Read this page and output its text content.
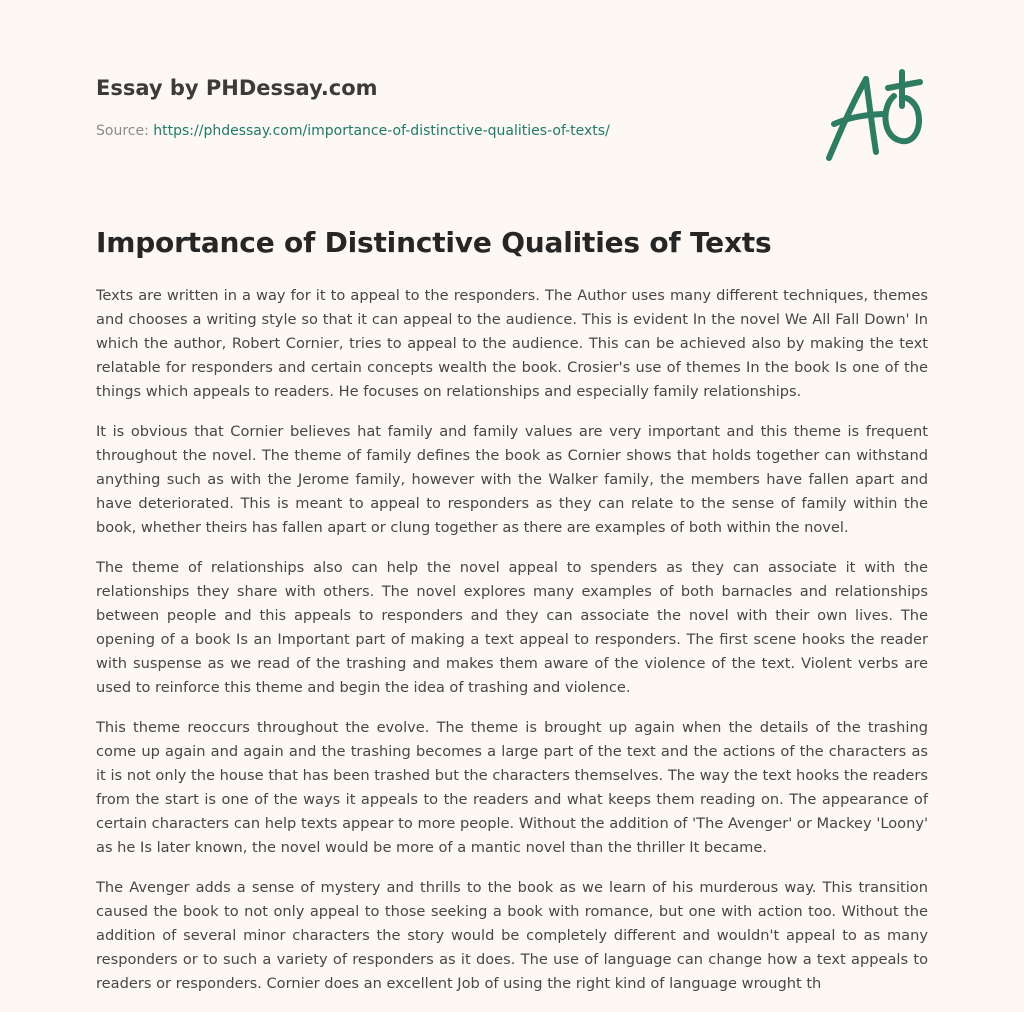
Essay by PHDessay.com
Source: https://phdessay.com/importance-of-distinctive-qualities-of-texts/
Importance of Distinctive Qualities of Texts

Texts are written in a way for it to appeal to the responders. The Author uses many different techniques, themes and chooses a writing style so that it can appeal to the audience. This is evident In the novel We All Fall Down' In which the author, Robert Cornier, tries to appeal to the audience. This can be achieved also by making the text relatable for responders and certain concepts wealth the book. Crosier's use of themes In the book Is one of the things which appeals to readers. He focuses on relationships and especially family relationships.

It is obvious that Cornier believes hat family and family values are very important and this theme is frequent throughout the novel. The theme of family defines the book as Cornier shows that holds together can withstand anything such as with the Jerome family, however with the Walker family, the members have fallen apart and have deteriorated. This is meant to appeal to responders as they can relate to the sense of family within the book, whether theirs has fallen apart or clung together as there are examples of both within the novel.

The theme of relationships also can help the novel appeal to spenders as they can associate it with the relationships they share with others. The novel explores many examples of both barnacles and relationships between people and this appeals to responders and they can associate the novel with their own lives. The opening of a book Is an Important part of making a text appeal to responders. The first scene hooks the reader with suspense as we read of the trashing and makes them aware of the violence of the text. Violent verbs are used to reinforce this theme and begin the idea of trashing and violence.

This theme reoccurs throughout the evolve. The theme is brought up again when the details of the trashing come up again and again and the trashing becomes a large part of the text and the actions of the characters as it is not only the house that has been trashed but the characters themselves. The way the text hooks the readers from the start is one of the ways it appeals to the readers and what keeps them reading on. The appearance of certain characters can help texts appear to more people. Without the addition of 'The Avenger' or Mackey 'Loony' as he Is later known, the novel would be more of a mantic novel than the thriller It became.

The Avenger adds a sense of mystery and thrills to the book as we learn of his murderous way. This transition caused the book to not only appeal to those seeking a book with romance, but one with action too. Without the addition of several minor characters the story would be completely different and wouldn't appeal to as many responders or to such a variety of responders as it does. The use of language can change how a text appeals to readers or responders. Cornier does an excellent Job of using the right kind of language wrought th
